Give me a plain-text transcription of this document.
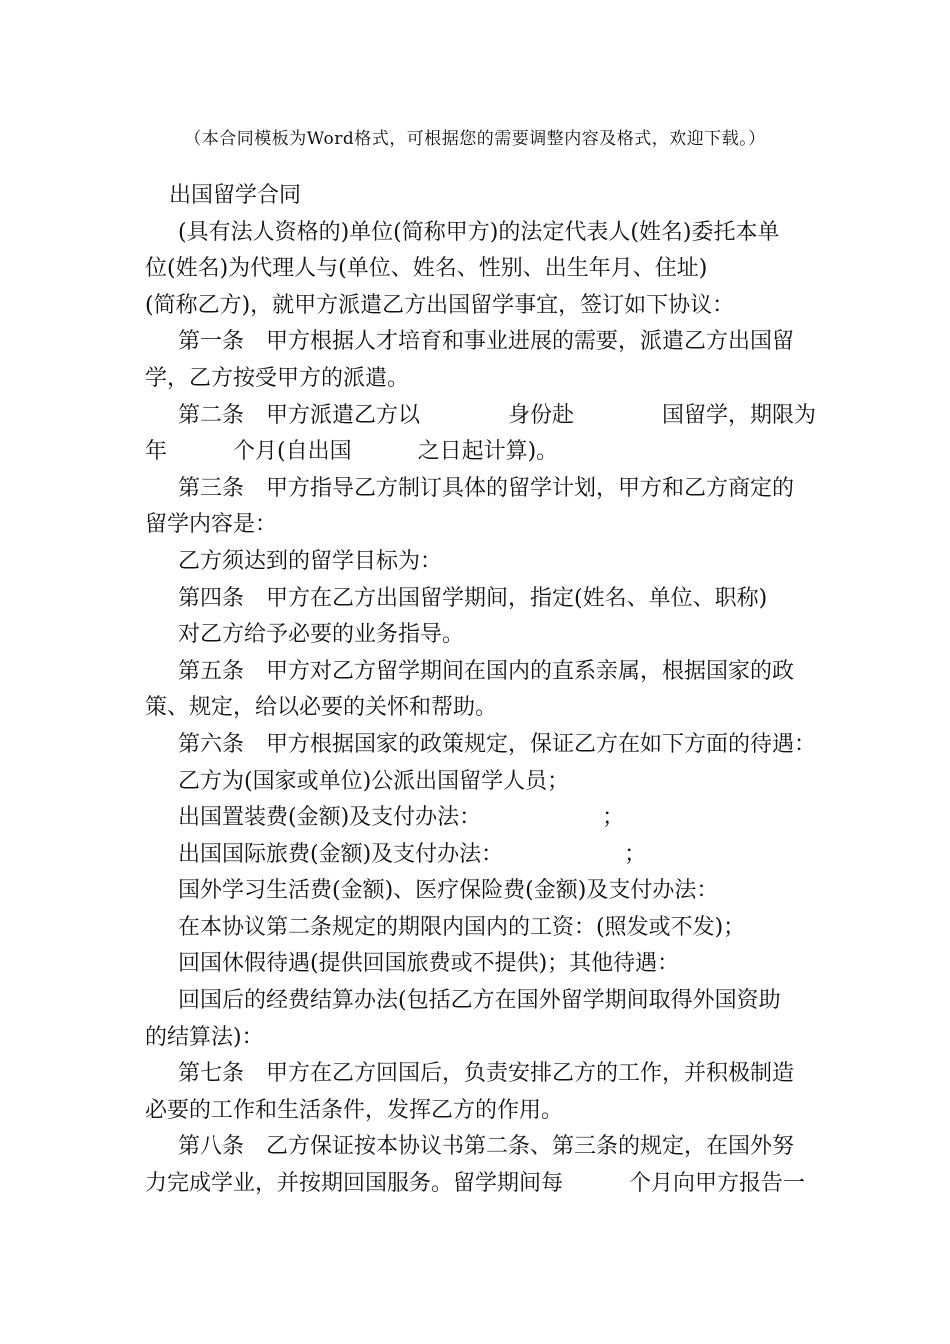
（本合同模板为Word格式，可根据您的需要调整内容及格式，欢迎下载。）
出国留学合同
(具有法人资格的)单位(简称甲方)的法定代表人(姓名)委托本单
位(姓名)为代理人与(单位、姓名、性别、出生年月、住址)
(简称乙方)，就甲方派遣乙方出国留学事宜，签订如下协议：
第一条　甲方根据人才培育和事业进展的需要，派遣乙方出国留
学，乙方按受甲方的派遣。
第二条　甲方派遣乙方以　　　　身份赴　　　　国留学，期限为
年　　　个月(自出国　　　之日起计算)。
第三条　甲方指导乙方制订具体的留学计划，甲方和乙方商定的
留学内容是：
乙方须达到的留学目标为：
第四条　甲方在乙方出国留学期间，指定(姓名、单位、职称)
对乙方给予必要的业务指导。
第五条　甲方对乙方留学期间在国内的直系亲属，根据国家的政
策、规定，给以必要的关怀和帮助。
第六条　甲方根据国家的政策规定，保证乙方在如下方面的待遇：
乙方为(国家或单位)公派出国留学人员；
出国置装费(金额)及支付办法：　　　　　　；
出国国际旅费(金额)及支付办法：　　　　　　；
国外学习生活费(金额)、医疗保险费(金额)及支付办法：
在本协议第二条规定的期限内国内的工资：(照发或不发)；
回国休假待遇(提供回国旅费或不提供)；其他待遇：
回国后的经费结算办法(包括乙方在国外留学期间取得外国资助
的结算法)：
第七条　甲方在乙方回国后，负责安排乙方的工作，并积极制造
必要的工作和生活条件，发挥乙方的作用。
第八条　乙方保证按本协议书第二条、第三条的规定，在国外努
力完成学业，并按期回国服务。留学期间每　　　个月向甲方报告一
